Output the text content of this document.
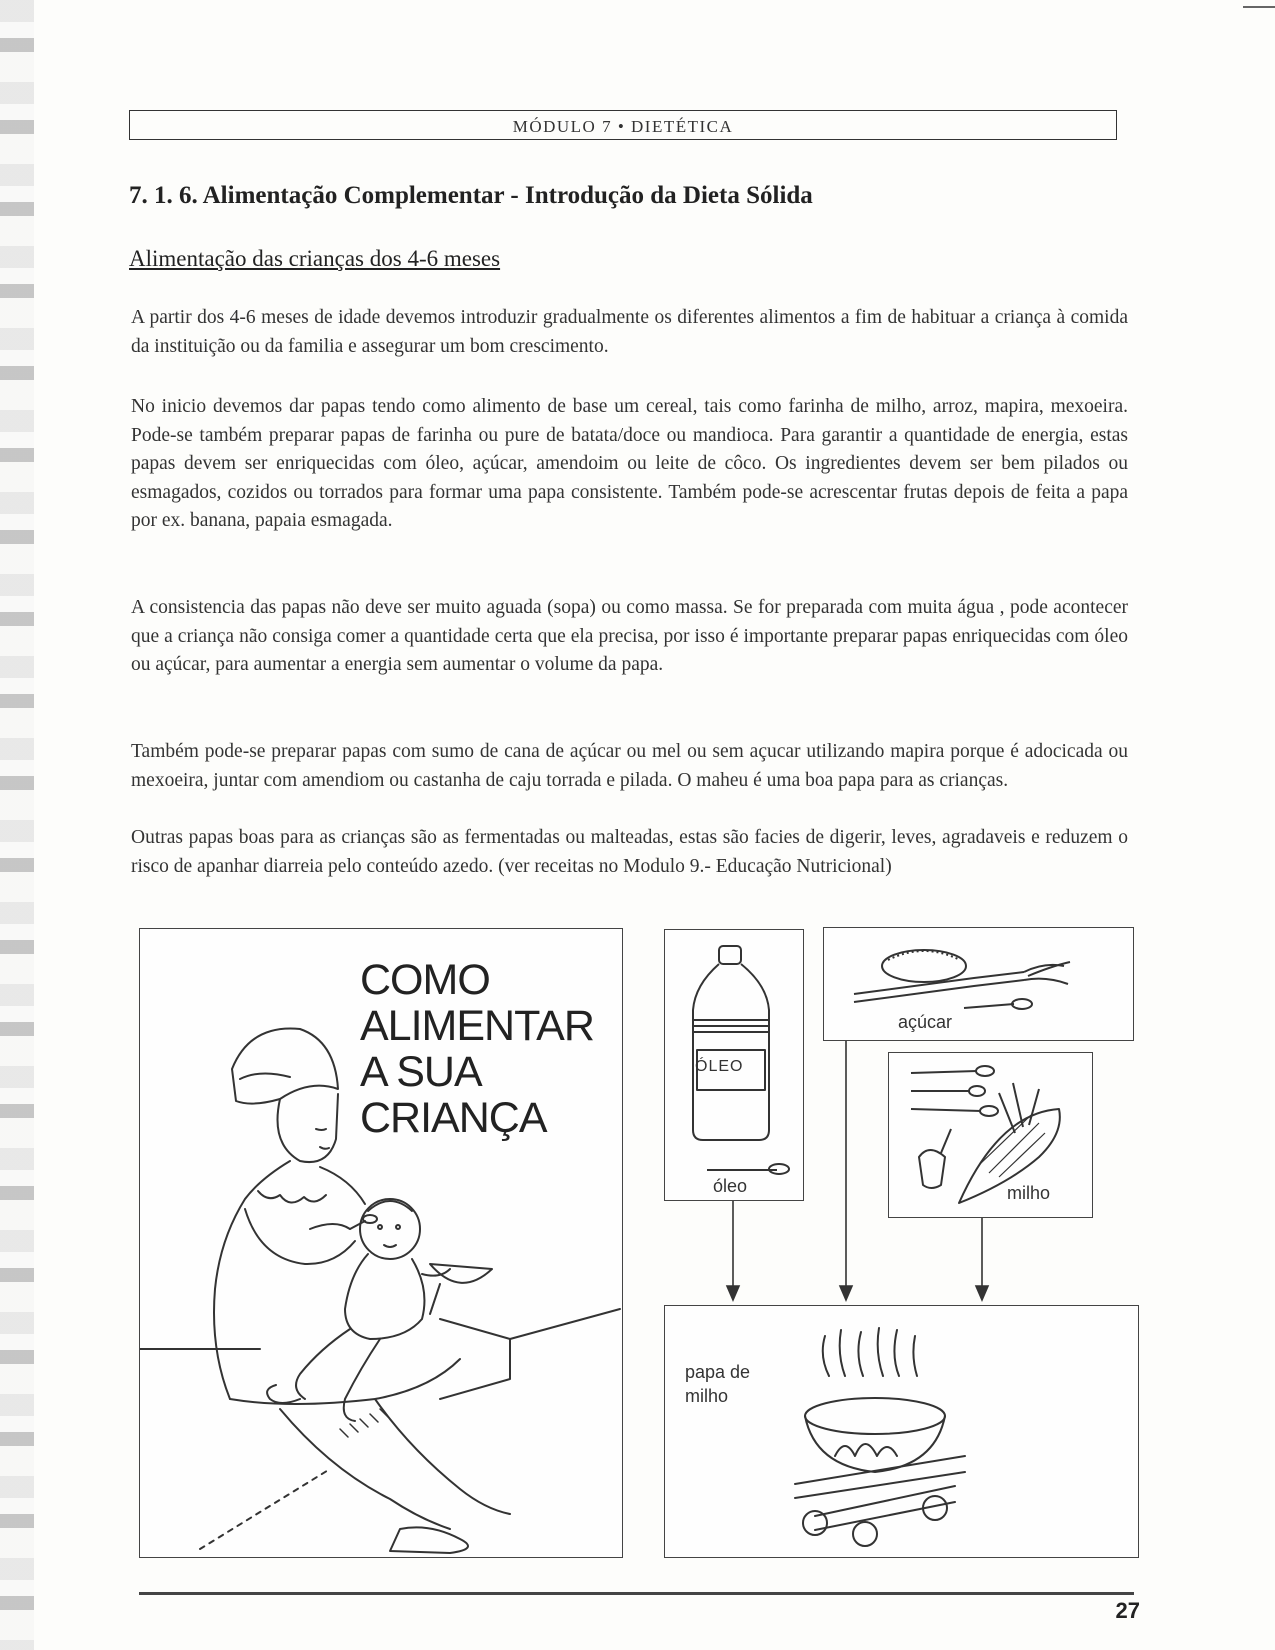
MÓDULO 7 • DIETÉTICA
7. 1. 6. Alimentação Complementar - Introdução da Dieta Sólida
Alimentação das crianças dos 4-6 meses

A partir dos 4-6 meses de idade devemos introduzir gradualmente os diferentes alimentos a fim de habituar a criança à comida da instituição ou da familia e assegurar um bom crescimento.

No inicio devemos dar papas tendo como alimento de base um cereal, tais como farinha de milho, arroz, mapira, mexoeira. Pode-se também preparar papas de farinha ou pure de batata/doce ou mandioca. Para garantir a quantidade de energia, estas papas devem ser enriquecidas com óleo, açúcar, amendoim ou leite de côco. Os ingredientes devem ser bem pilados ou esmagados, cozidos ou torrados para formar uma papa consistente. Também pode-se acrescentar frutas depois de feita a papa por ex. banana, papaia esmagada.

A consistencia das papas não deve ser muito aguada (sopa) ou como massa. Se for preparada com muita água , pode acontecer que a criança não consiga comer a quantidade certa que ela precisa, por isso é importante preparar papas enriquecidas com óleo ou açúcar, para aumentar a energia sem aumentar o volume da papa.

Também pode-se preparar papas com sumo de cana de açúcar ou mel ou sem açucar utilizando mapira porque é adocicada ou mexoeira, juntar com amendiom ou castanha de caju torrada e pilada. O maheu é uma boa papa para as crianças.

Outras papas boas para as crianças são as fermentadas ou malteadas, estas são facies de digerir, leves, agradaveis e reduzem o risco de apanhar diarreia pelo conteúdo azedo. (ver receitas no Modulo 9.- Educação Nutricional)

COMO
ALIMENTAR
A SUA
CRIANÇA
ÓLEO
óleo
açúcar
milho
papa de
milho
27
